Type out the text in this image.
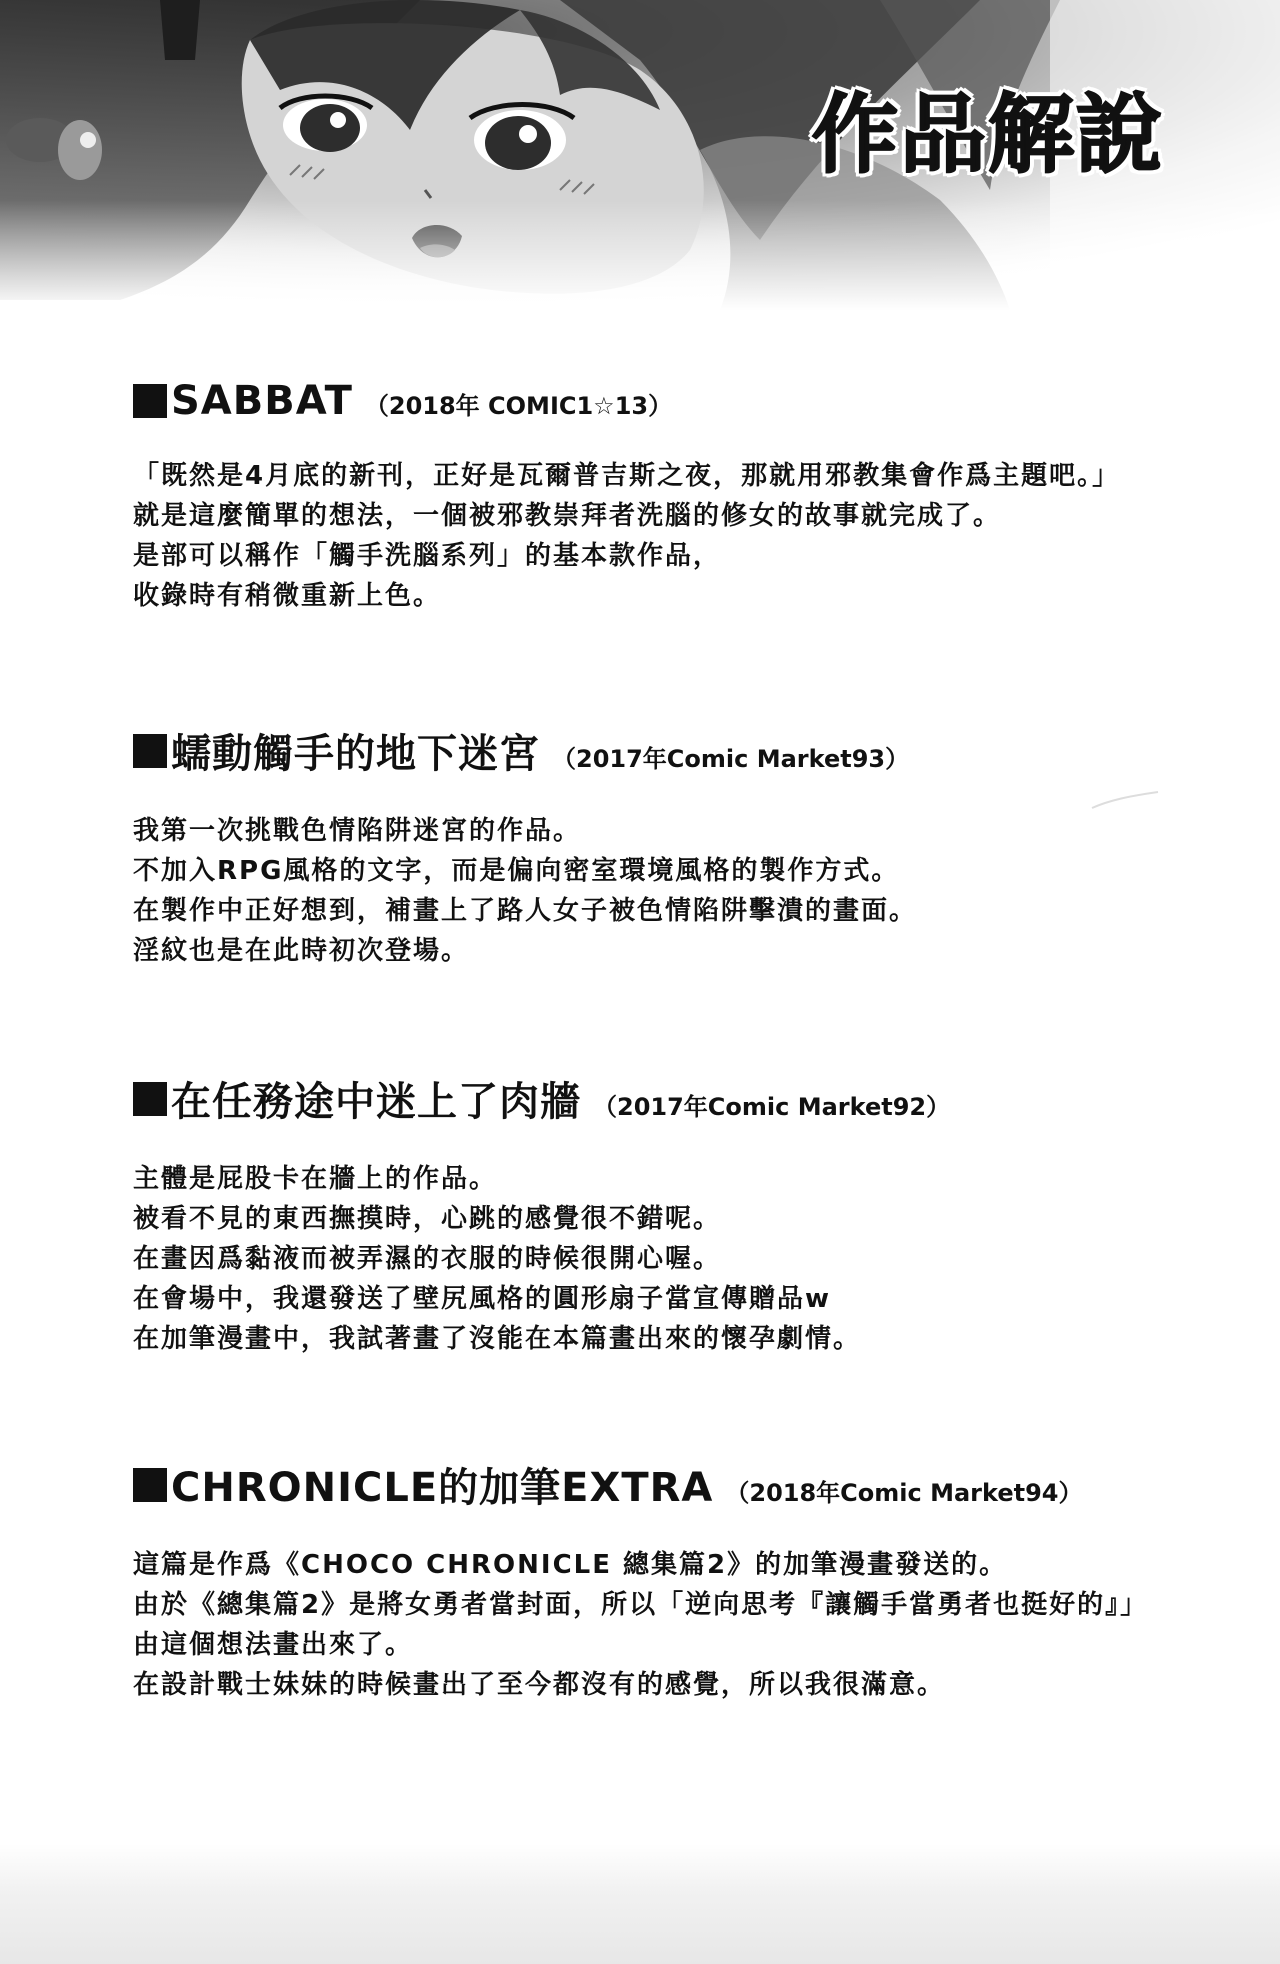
作品解說
SABBAT （2018年 COMIC1☆13）
「既然是4月底的新刊，正好是瓦爾普吉斯之夜，那就用邪教集會作爲主題吧。」
就是這麼簡單的想法，一個被邪教崇拜者洗腦的修女的故事就完成了。
是部可以稱作「觸手洗腦系列」的基本款作品，
收錄時有稍微重新上色。
蠕動觸手的地下迷宮 （2017年Comic Market93）
我第一次挑戰色情陷阱迷宮的作品。
不加入RPG風格的文字，而是偏向密室環境風格的製作方式。
在製作中正好想到，補畫上了路人女子被色情陷阱擊潰的畫面。
淫紋也是在此時初次登場。
在任務途中迷上了肉牆 （2017年Comic Market92）
主體是屁股卡在牆上的作品。
被看不見的東西撫摸時，心跳的感覺很不錯呢。
在畫因爲黏液而被弄濕的衣服的時候很開心喔。
在會場中，我還發送了壁尻風格的圓形扇子當宣傳贈品w
在加筆漫畫中，我試著畫了沒能在本篇畫出來的懷孕劇情。
CHRONICLE的加筆EXTRA （2018年Comic Market94）
這篇是作爲《CHOCO CHRONICLE 總集篇2》的加筆漫畫發送的。
由於《總集篇2》是將女勇者當封面，所以「逆向思考『讓觸手當勇者也挺好的』」
由這個想法畫出來了。
在設計戰士妹妹的時候畫出了至今都沒有的感覺，所以我很滿意。
